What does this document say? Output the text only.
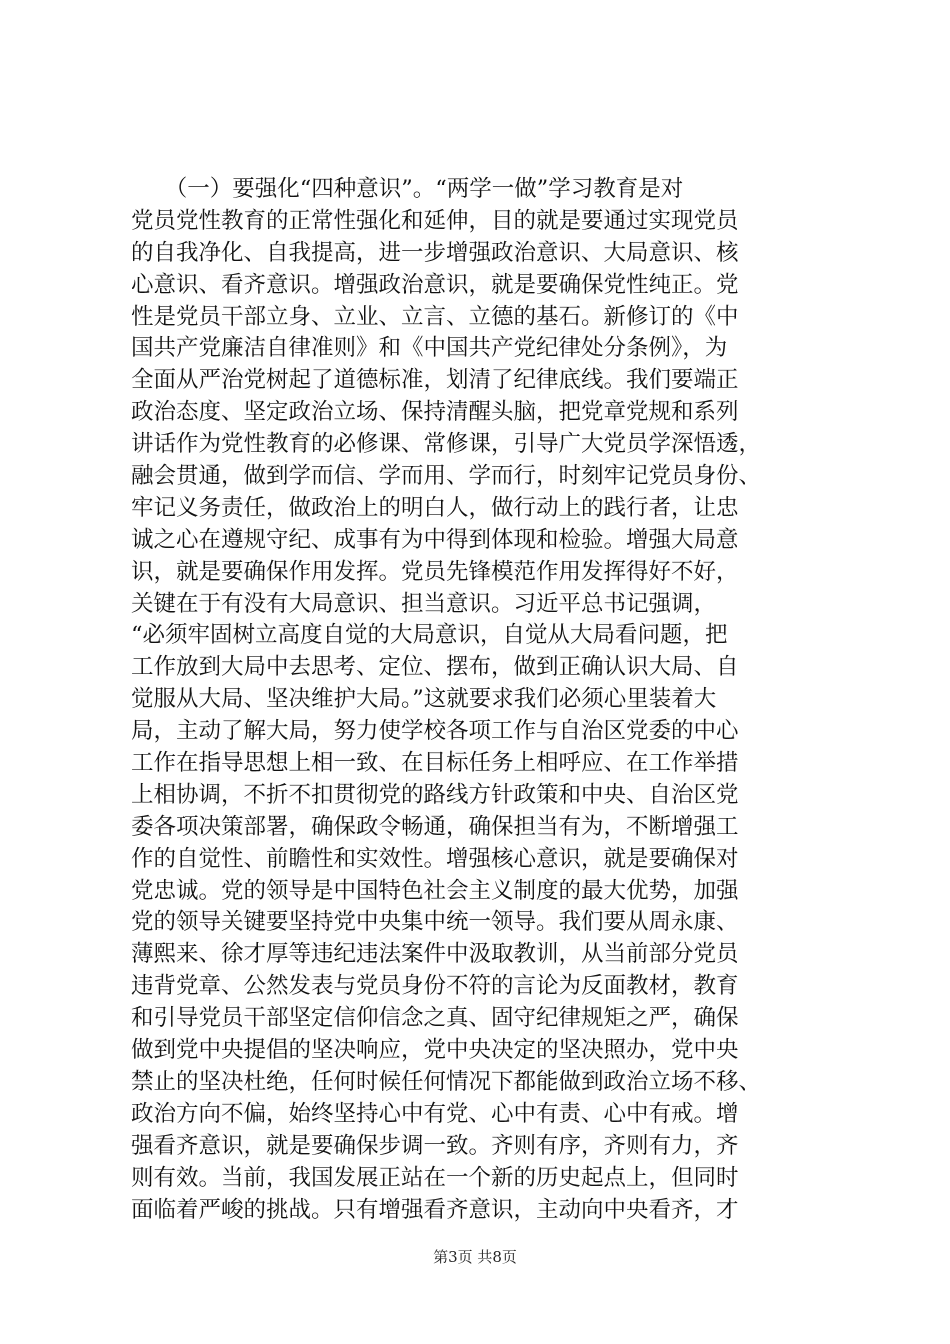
　　（一）要强化“四种意识”。“两学一做”学习教育是对
党员党性教育的正常性强化和延伸，目的就是要通过实现党员
的自我净化、自我提高，进一步增强政治意识、大局意识、核
心意识、看齐意识。增强政治意识，就是要确保党性纯正。党
性是党员干部立身、立业、立言、立德的基石。新修订的《中
国共产党廉洁自律准则》和《中国共产党纪律处分条例》，为
全面从严治党树起了道德标准，划清了纪律底线。我们要端正
政治态度、坚定政治立场、保持清醒头脑，把党章党规和系列
讲话作为党性教育的必修课、常修课，引导广大党员学深悟透，
融会贯通，做到学而信、学而用、学而行，时刻牢记党员身份、
牢记义务责任，做政治上的明白人，做行动上的践行者，让忠
诚之心在遵规守纪、成事有为中得到体现和检验。增强大局意
识，就是要确保作用发挥。党员先锋模范作用发挥得好不好，
关键在于有没有大局意识、担当意识。习近平总书记强调，
“必须牢固树立高度自觉的大局意识，自觉从大局看问题，把
工作放到大局中去思考、定位、摆布，做到正确认识大局、自
觉服从大局、坚决维护大局。”这就要求我们必须心里装着大
局，主动了解大局，努力使学校各项工作与自治区党委的中心
工作在指导思想上相一致、在目标任务上相呼应、在工作举措
上相协调，不折不扣贯彻党的路线方针政策和中央、自治区党
委各项决策部署，确保政令畅通，确保担当有为，不断增强工
作的自觉性、前瞻性和实效性。增强核心意识，就是要确保对
党忠诚。党的领导是中国特色社会主义制度的最大优势，加强
党的领导关键要坚持党中央集中统一领导。我们要从周永康、
薄熙来、徐才厚等违纪违法案件中汲取教训，从当前部分党员
违背党章、公然发表与党员身份不符的言论为反面教材，教育
和引导党员干部坚定信仰信念之真、固守纪律规矩之严，确保
做到党中央提倡的坚决响应，党中央决定的坚决照办，党中央
禁止的坚决杜绝，任何时候任何情况下都能做到政治立场不移、
政治方向不偏，始终坚持心中有党、心中有责、心中有戒。增
强看齐意识，就是要确保步调一致。齐则有序，齐则有力，齐
则有效。当前，我国发展正站在一个新的历史起点上，但同时
面临着严峻的挑战。只有增强看齐意识，主动向中央看齐，才
第3页 共8页
